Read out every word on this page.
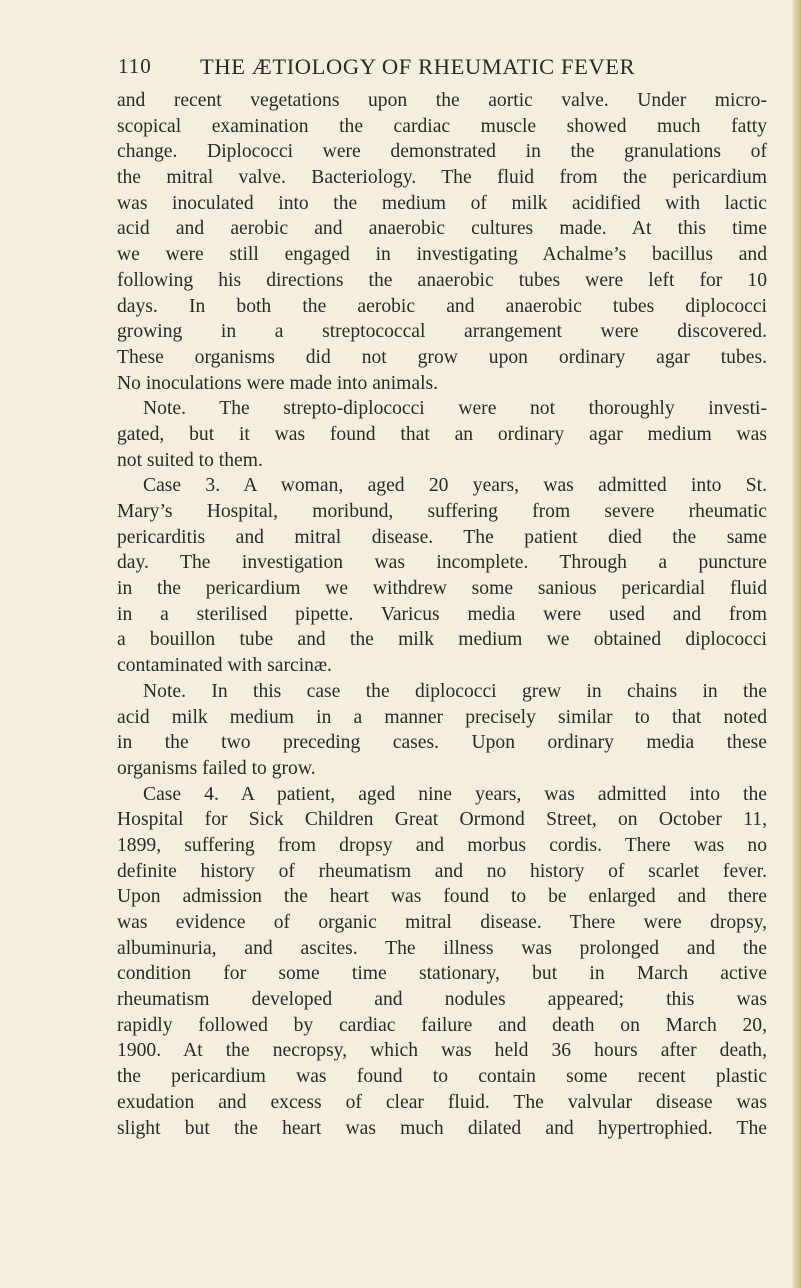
110 THE ÆTIOLOGY OF RHEUMATIC FEVER
and recent vegetations upon the aortic valve. Under micro-
scopical examination the cardiac muscle showed much fatty
change. Diplococci were demonstrated in the granulations of
the mitral valve. Bacteriology. The fluid from the pericardium
was inoculated into the medium of milk acidified with lactic
acid and aerobic and anaerobic cultures made. At this time
we were still engaged in investigating Achalme’s bacillus and
following his directions the anaerobic tubes were left for 10
days. In both the aerobic and anaerobic tubes diplococci
growing in a streptococcal arrangement were discovered.
These organisms did not grow upon ordinary agar tubes.
No inoculations were made into animals.
Note. The strepto-diplococci were not thoroughly investi-
gated, but it was found that an ordinary agar medium was
not suited to them.
Case 3. A woman, aged 20 years, was admitted into St.
Mary’s Hospital, moribund, suffering from severe rheumatic
pericarditis and mitral disease. The patient died the same
day. The investigation was incomplete. Through a puncture
in the pericardium we withdrew some sanious pericardial fluid
in a sterilised pipette. Varicus media were used and from
a bouillon tube and the milk medium we obtained diplococci
contaminated with sarcinæ.
Note. In this case the diplococci grew in chains in the
acid milk medium in a manner precisely similar to that noted
in the two preceding cases. Upon ordinary media these
organisms failed to grow.
Case 4. A patient, aged nine years, was admitted into the
Hospital for Sick Children Great Ormond Street, on October 11,
1899, suffering from dropsy and morbus cordis. There was no
definite history of rheumatism and no history of scarlet fever.
Upon admission the heart was found to be enlarged and there
was evidence of organic mitral disease. There were dropsy,
albuminuria, and ascites. The illness was prolonged and the
condition for some time stationary, but in March active
rheumatism developed and nodules appeared; this was
rapidly followed by cardiac failure and death on March 20,
1900. At the necropsy, which was held 36 hours after death,
the pericardium was found to contain some recent plastic
exudation and excess of clear fluid. The valvular disease was
slight but the heart was much dilated and hypertrophied. The
